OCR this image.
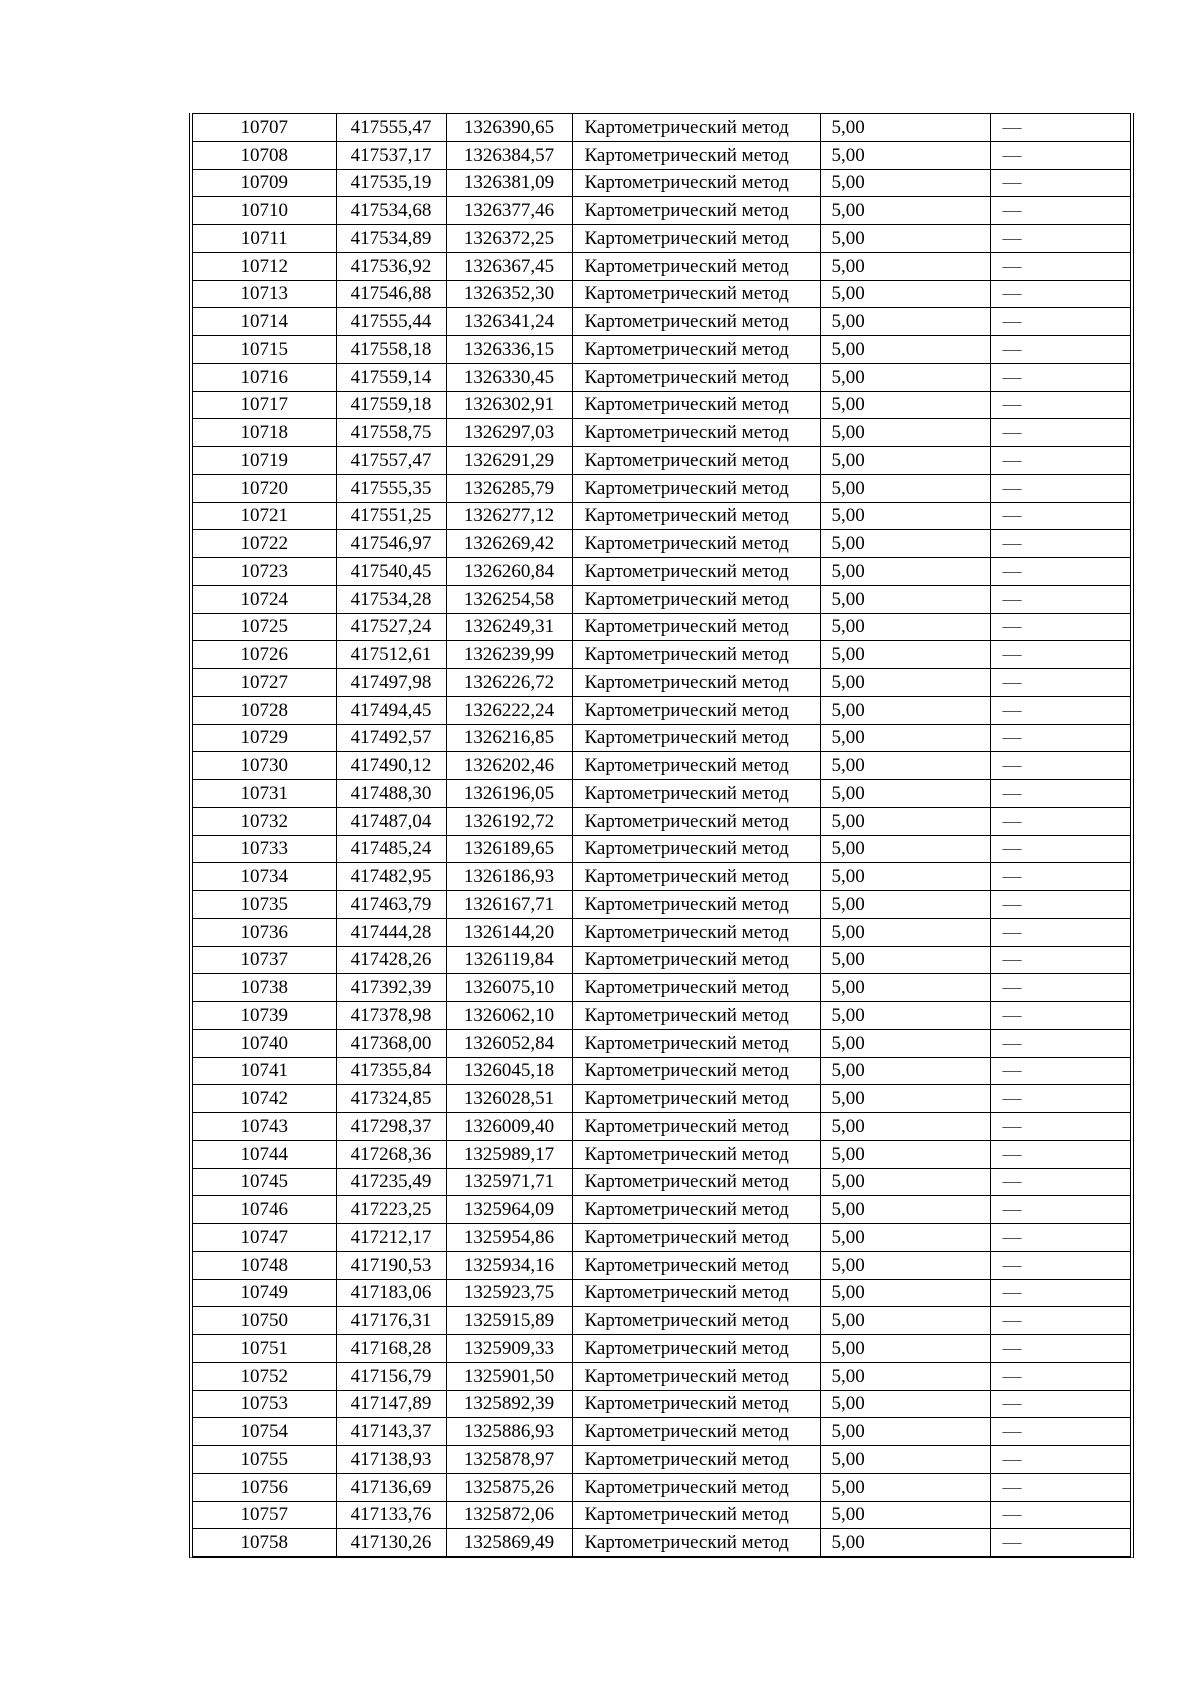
10707	417555,47	1326390,65	Картометрический метод	5,00	—
10708	417537,17	1326384,57	Картометрический метод	5,00	—
10709	417535,19	1326381,09	Картометрический метод	5,00	—
10710	417534,68	1326377,46	Картометрический метод	5,00	—
10711	417534,89	1326372,25	Картометрический метод	5,00	—
10712	417536,92	1326367,45	Картометрический метод	5,00	—
10713	417546,88	1326352,30	Картометрический метод	5,00	—
10714	417555,44	1326341,24	Картометрический метод	5,00	—
10715	417558,18	1326336,15	Картометрический метод	5,00	—
10716	417559,14	1326330,45	Картометрический метод	5,00	—
10717	417559,18	1326302,91	Картометрический метод	5,00	—
10718	417558,75	1326297,03	Картометрический метод	5,00	—
10719	417557,47	1326291,29	Картометрический метод	5,00	—
10720	417555,35	1326285,79	Картометрический метод	5,00	—
10721	417551,25	1326277,12	Картометрический метод	5,00	—
10722	417546,97	1326269,42	Картометрический метод	5,00	—
10723	417540,45	1326260,84	Картометрический метод	5,00	—
10724	417534,28	1326254,58	Картометрический метод	5,00	—
10725	417527,24	1326249,31	Картометрический метод	5,00	—
10726	417512,61	1326239,99	Картометрический метод	5,00	—
10727	417497,98	1326226,72	Картометрический метод	5,00	—
10728	417494,45	1326222,24	Картометрический метод	5,00	—
10729	417492,57	1326216,85	Картометрический метод	5,00	—
10730	417490,12	1326202,46	Картометрический метод	5,00	—
10731	417488,30	1326196,05	Картометрический метод	5,00	—
10732	417487,04	1326192,72	Картометрический метод	5,00	—
10733	417485,24	1326189,65	Картометрический метод	5,00	—
10734	417482,95	1326186,93	Картометрический метод	5,00	—
10735	417463,79	1326167,71	Картометрический метод	5,00	—
10736	417444,28	1326144,20	Картометрический метод	5,00	—
10737	417428,26	1326119,84	Картометрический метод	5,00	—
10738	417392,39	1326075,10	Картометрический метод	5,00	—
10739	417378,98	1326062,10	Картометрический метод	5,00	—
10740	417368,00	1326052,84	Картометрический метод	5,00	—
10741	417355,84	1326045,18	Картометрический метод	5,00	—
10742	417324,85	1326028,51	Картометрический метод	5,00	—
10743	417298,37	1326009,40	Картометрический метод	5,00	—
10744	417268,36	1325989,17	Картометрический метод	5,00	—
10745	417235,49	1325971,71	Картометрический метод	5,00	—
10746	417223,25	1325964,09	Картометрический метод	5,00	—
10747	417212,17	1325954,86	Картометрический метод	5,00	—
10748	417190,53	1325934,16	Картометрический метод	5,00	—
10749	417183,06	1325923,75	Картометрический метод	5,00	—
10750	417176,31	1325915,89	Картометрический метод	5,00	—
10751	417168,28	1325909,33	Картометрический метод	5,00	—
10752	417156,79	1325901,50	Картометрический метод	5,00	—
10753	417147,89	1325892,39	Картометрический метод	5,00	—
10754	417143,37	1325886,93	Картометрический метод	5,00	—
10755	417138,93	1325878,97	Картометрический метод	5,00	—
10756	417136,69	1325875,26	Картометрический метод	5,00	—
10757	417133,76	1325872,06	Картометрический метод	5,00	—
10758	417130,26	1325869,49	Картометрический метод	5,00	—
